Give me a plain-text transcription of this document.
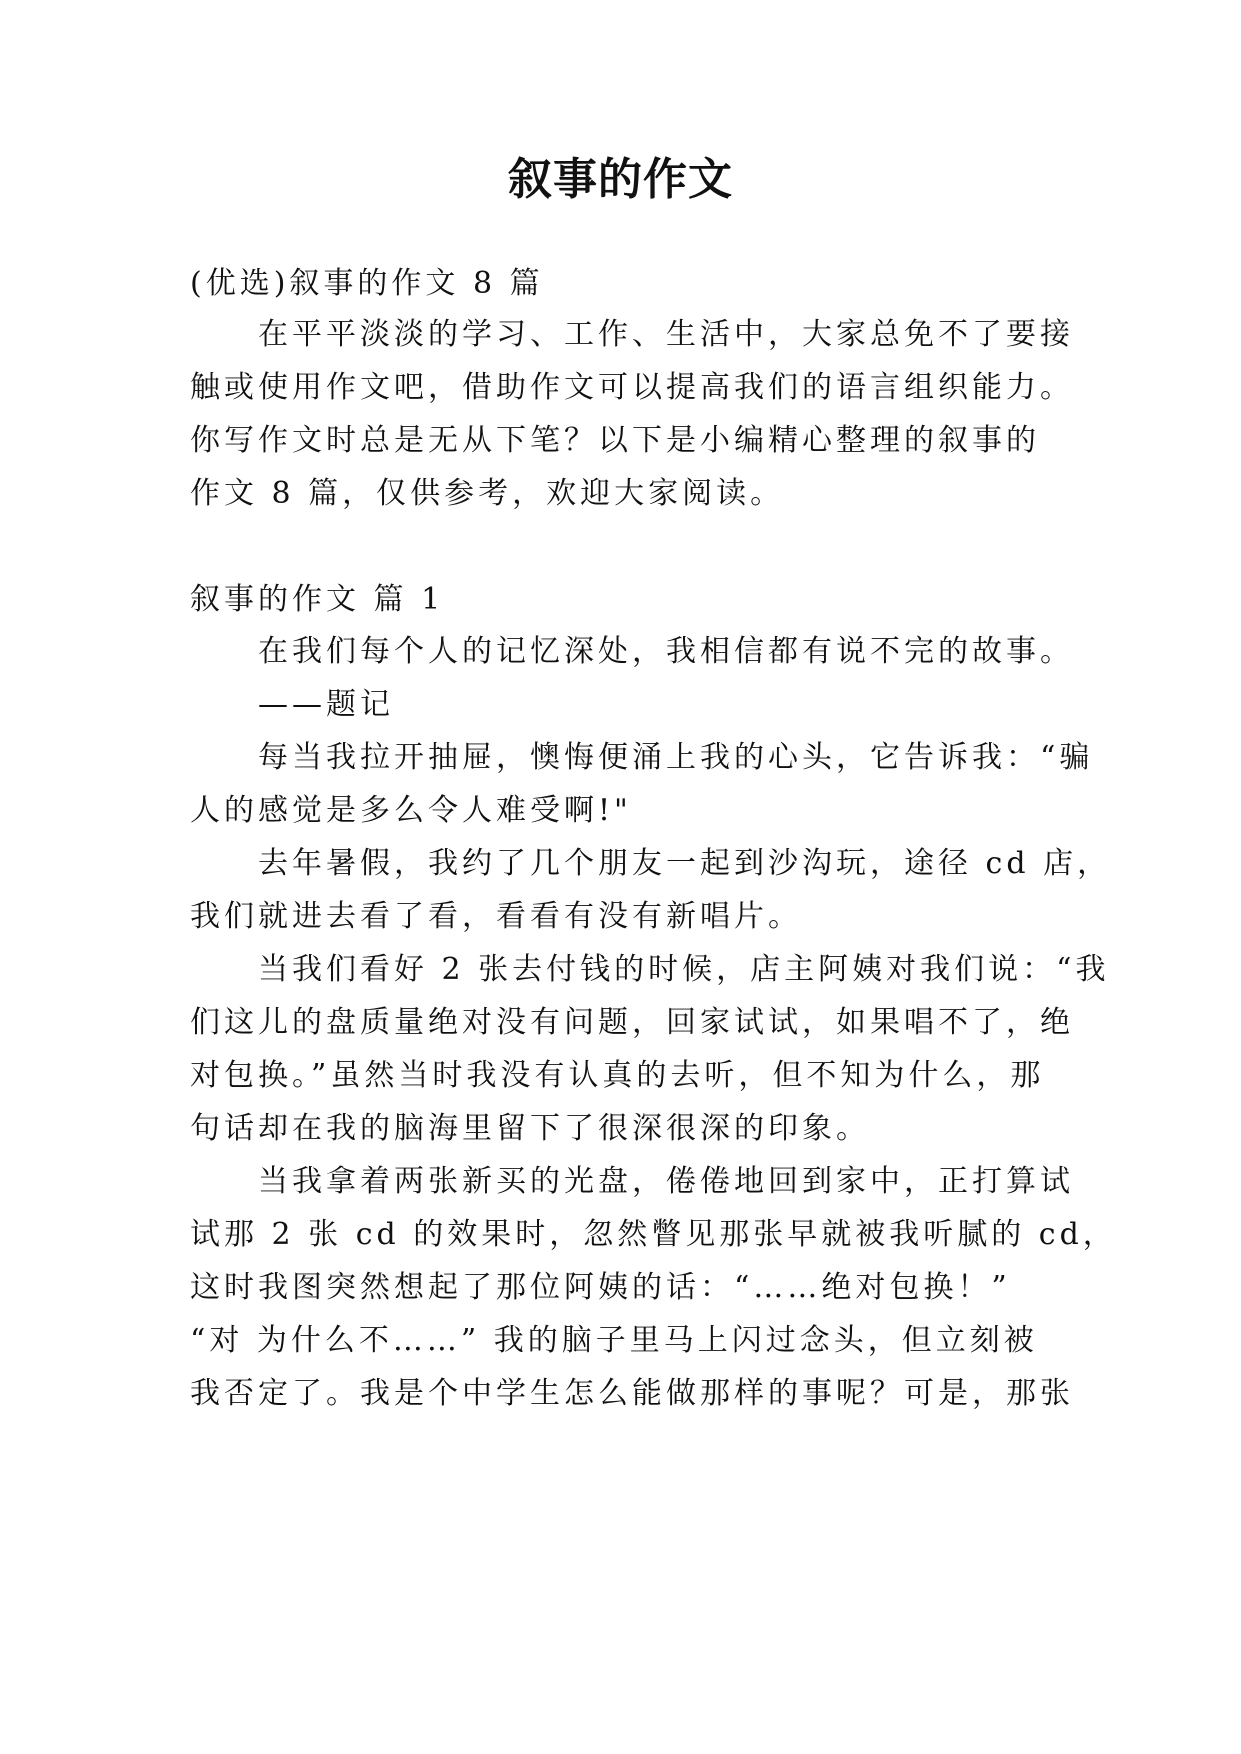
叙事的作文
(优选)叙事的作文 8 篇
在平平淡淡的学习、工作、生活中，大家总免不了要接
触或使用作文吧，借助作文可以提高我们的语言组织能力。
你写作文时总是无从下笔？以下是小编精心整理的叙事的
作文 8 篇，仅供参考，欢迎大家阅读。
叙事的作文 篇 1
在我们每个人的记忆深处，我相信都有说不完的故事。
——题记
每当我拉开抽屉，懊悔便涌上我的心头，它告诉我：“骗
人的感觉是多么令人难受啊!"
去年暑假，我约了几个朋友一起到沙沟玩，途径 cd 店，
我们就进去看了看，看看有没有新唱片。
当我们看好 2 张去付钱的时候，店主阿姨对我们说：“我
们这儿的盘质量绝对没有问题，回家试试，如果唱不了，绝
对包换。”虽然当时我没有认真的去听，但不知为什么，那
句话却在我的脑海里留下了很深很深的印象。
当我拿着两张新买的光盘，倦倦地回到家中，正打算试
试那 2 张 cd 的效果时，忽然瞥见那张早就被我听腻的 cd，
这时我图突然想起了那位阿姨的话：“……绝对包换！”
“对 为什么不……” 我的脑子里马上闪过念头，但立刻被
我否定了。我是个中学生怎么能做那样的事呢？可是，那张
